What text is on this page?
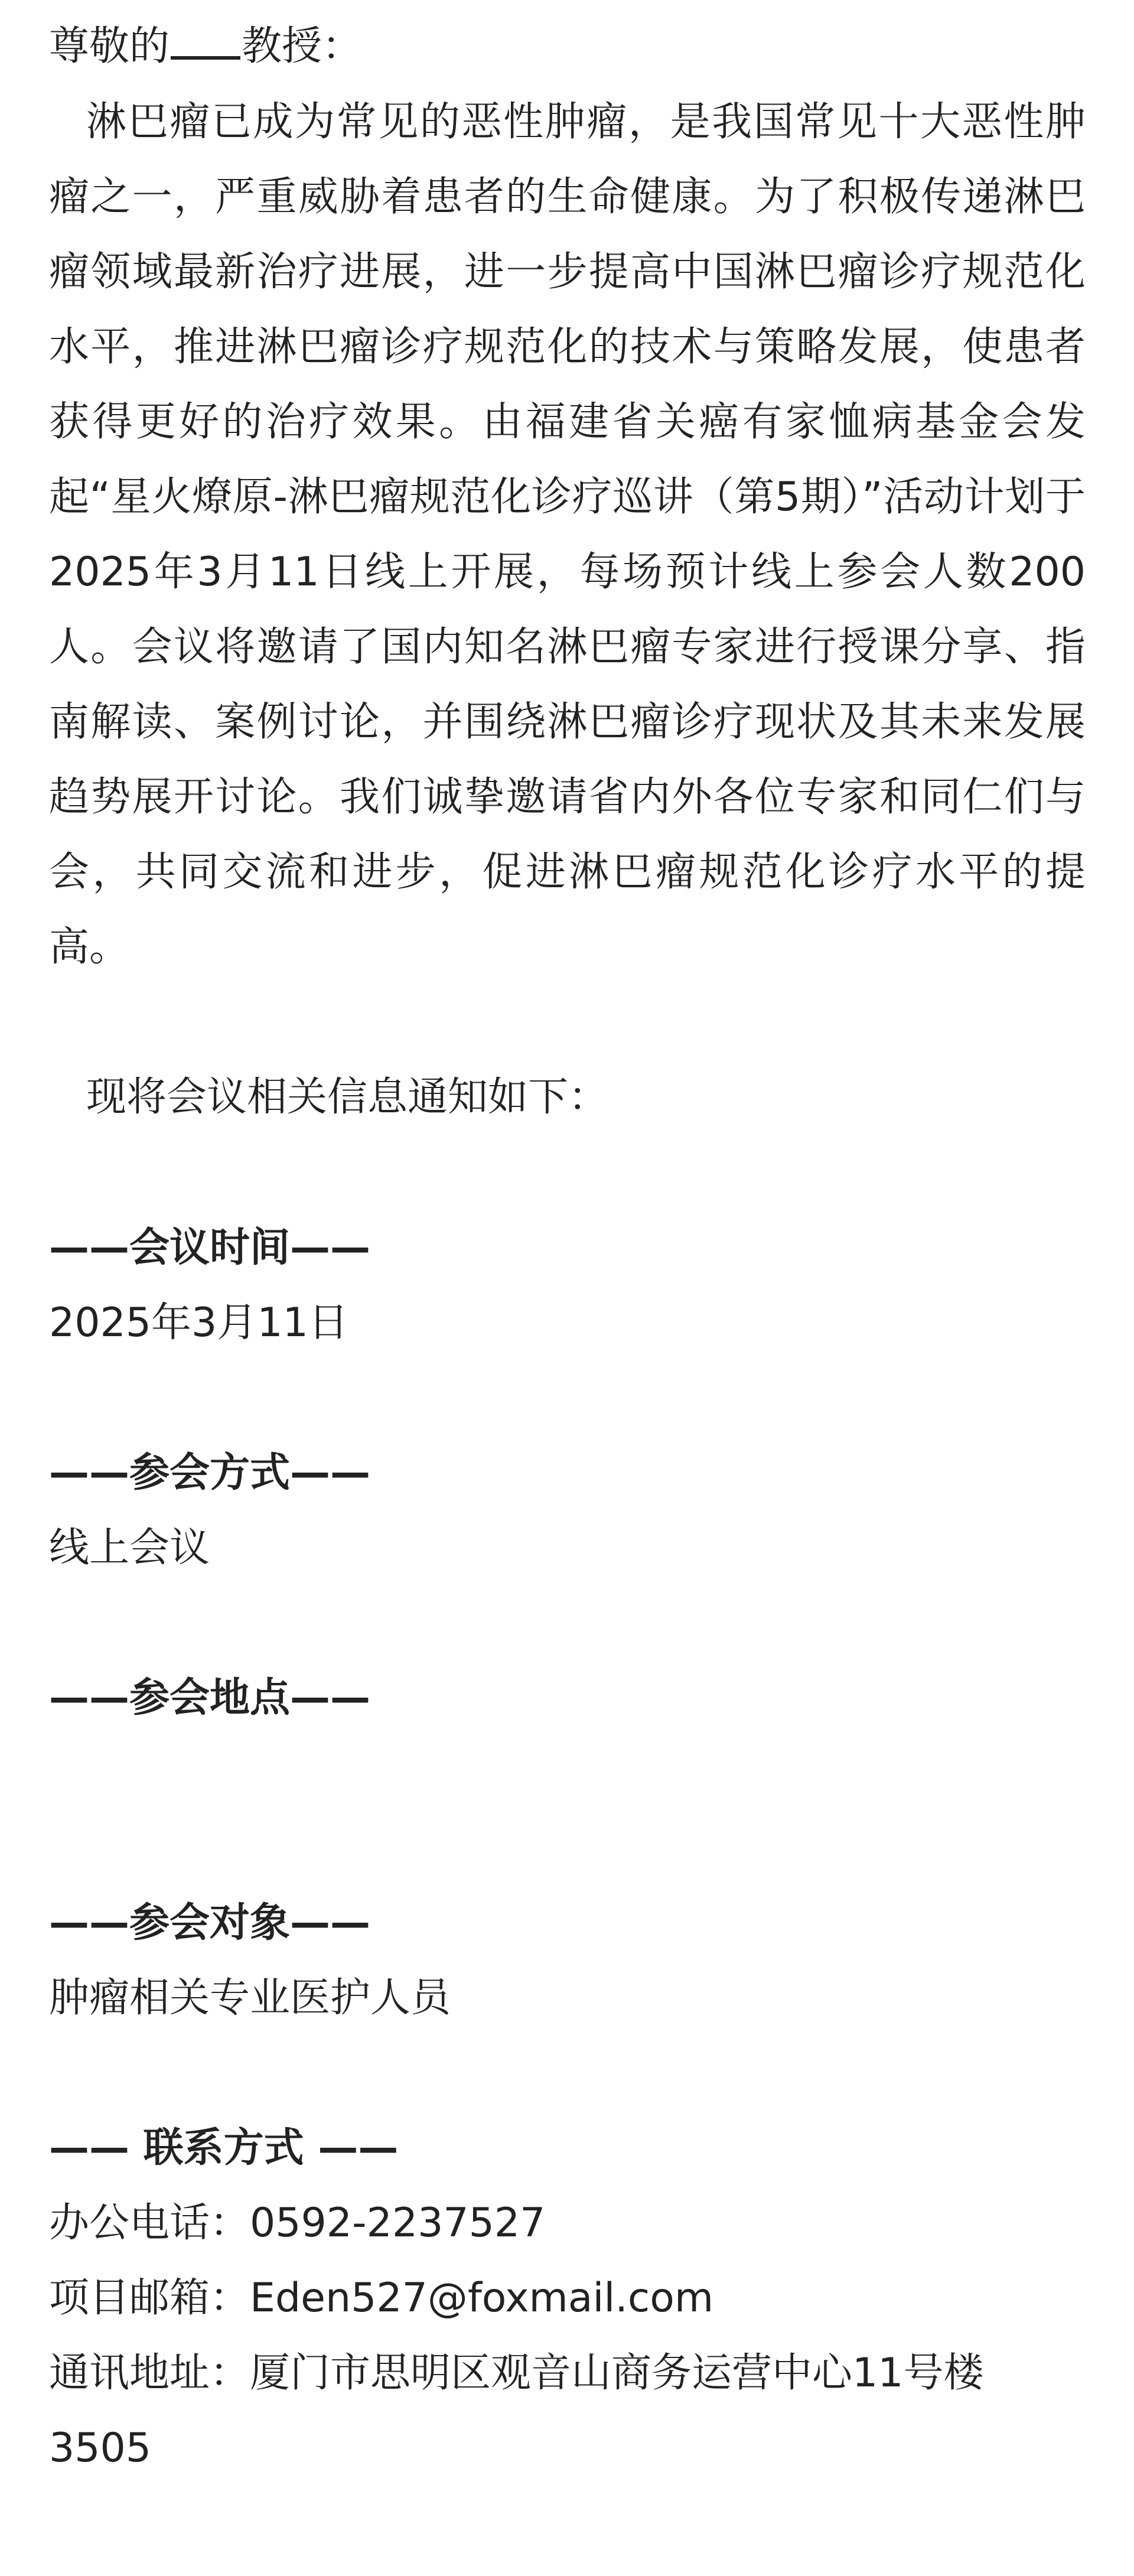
尊敬的 教授：

淋巴瘤已成为常见的恶性肿瘤，是我国常见十大恶性肿瘤之一，严重威胁着患者的生命健康。为了积极传递淋巴瘤领域最新治疗进展，进一步提高中国淋巴瘤诊疗规范化水平，推进淋巴瘤诊疗规范化的技术与策略发展，使患者获得更好的治疗效果。由福建省关癌有家恤病基金会发起“星火燎原-淋巴瘤规范化诊疗巡讲（第5期）”活动计划于2025年3月11日线上开展，每场预计线上参会人数200人。会议将邀请了国内知名淋巴瘤专家进行授课分享、指南解读、案例讨论，并围绕淋巴瘤诊疗现状及其未来发展趋势展开讨论。我们诚挚邀请省内外各位专家和同仁们与会，共同交流和进步，促进淋巴瘤规范化诊疗水平的提高。

现将会议相关信息通知如下：
——会议时间——
2025年3月11日
——参会方式——
线上会议
——参会地点——
——参会对象——
肿瘤相关专业医护人员
—— 联系方式 ——
办公电话：0592-2237527
项目邮箱：Eden527@foxmail.com
通讯地址：厦门市思明区观音山商务运营中心11号楼
3505
